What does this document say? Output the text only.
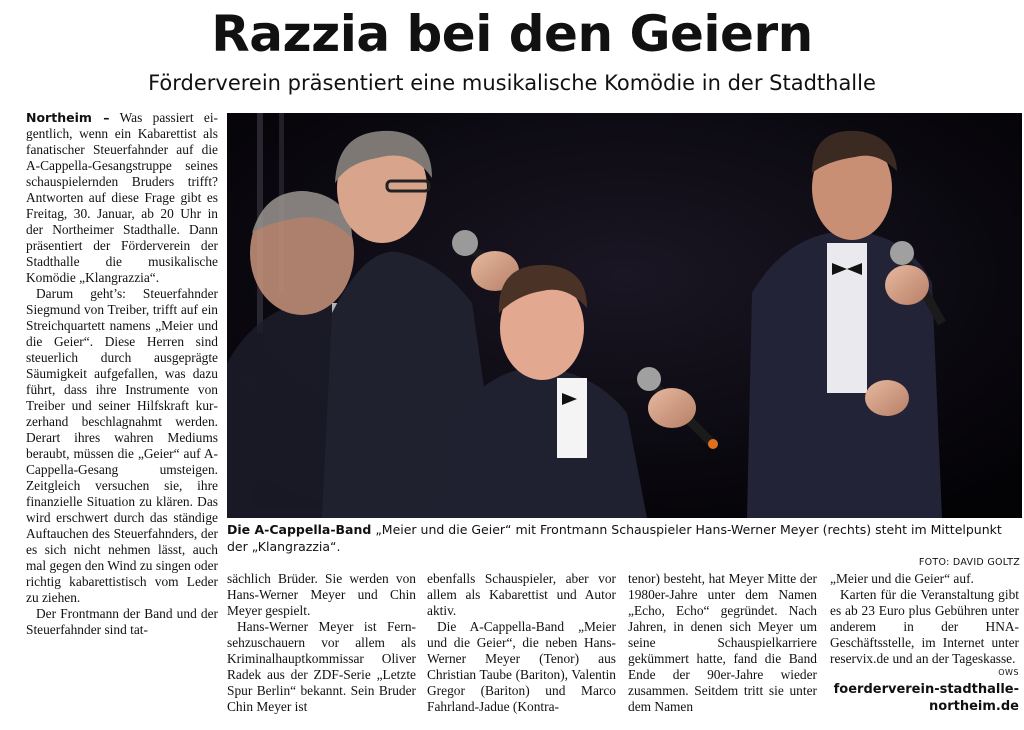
Razzia bei den Geiern
Förderverein präsentiert eine musikalische Komödie in der Stadthalle

Northeim – Was passiert eigentlich, wenn ein Kabarettist als fanatischer Steuerfahnder auf die A-Cappella-Gesangstruppe seines schauspielernden Bruders trifft? Antworten auf diese Frage gibt es Freitag, 30. Januar, ab 20 Uhr in der Northeimer Stadthalle. Dann präsentiert der Förderverein der Stadthalle die musikalische Komödie „Klangrazzia“.

Darum geht’s: Steuerfahnder Siegmund von Treiber, trifft auf ein Streichquartett namens „Meier und die Geier“. Diese Herren sind steuerlich durch ausgeprägte Säumigkeit aufgefallen, was dazu führt, dass ihre Instrumente von Treiber und seiner Hilfskraft kurzerhand beschlagnahmt werden. Derart ihres wahren Mediums beraubt, müssen die „Geier“ auf A-Cappella-Gesang umsteigen. Zeitgleich versuchen sie, ihre finanzielle Situation zu klären. Das wird erschwert durch das ständige Auftauchen des Steuerfahnders, der es sich nicht nehmen lässt, auch mal gegen den Wind zu singen oder richtig kabarettistisch vom Leder zu ziehen.

Der Frontmann der Band und der Steuerfahnder sind tat-

Die A-Cappella-Band „Meier und die Geier“ mit Frontmann Schauspieler Hans-Werner Meyer (rechts) steht im Mittelpunkt der „Klangrazzia“.
FOTO: DAVID GOLTZ

sächlich Brüder. Sie werden von Hans-Werner Meyer und Chin Meyer gespielt.

Hans-Werner Meyer ist Fernsehzuschauern vor allem als Kriminalhauptkommissar Oliver Radek aus der ZDF-Serie „Letzte Spur Berlin“ bekannt. Sein Bruder Chin Meyer ist

ebenfalls Schauspieler, aber vor allem als Kabarettist und Autor aktiv.

Die A-Cappella-Band „Meier und die Geier“, die neben Hans-Werner Meyer (Tenor) aus Christian Taube (Bariton), Valentin Gregor (Bariton) und Marco Fahrland-Jadue (Kontra-

tenor) besteht, hat Meyer Mitte der 1980er-Jahre unter dem Namen „Echo, Echo“ gegründet. Nach Jahren, in denen sich Meyer um seine Schauspielkarriere gekümmert hatte, fand die Band Ende der 90er-Jahre wieder zusammen. Seitdem tritt sie unter dem Namen

„Meier und die Geier“ auf.

Karten für die Veranstaltung gibt es ab 23 Euro plus Gebühren unter anderem in der HNA-Geschäftsstelle, im Internet unter reservix.de und an der Tageskasse.

OWS
foerderverein-stadthalle-
northeim.de
